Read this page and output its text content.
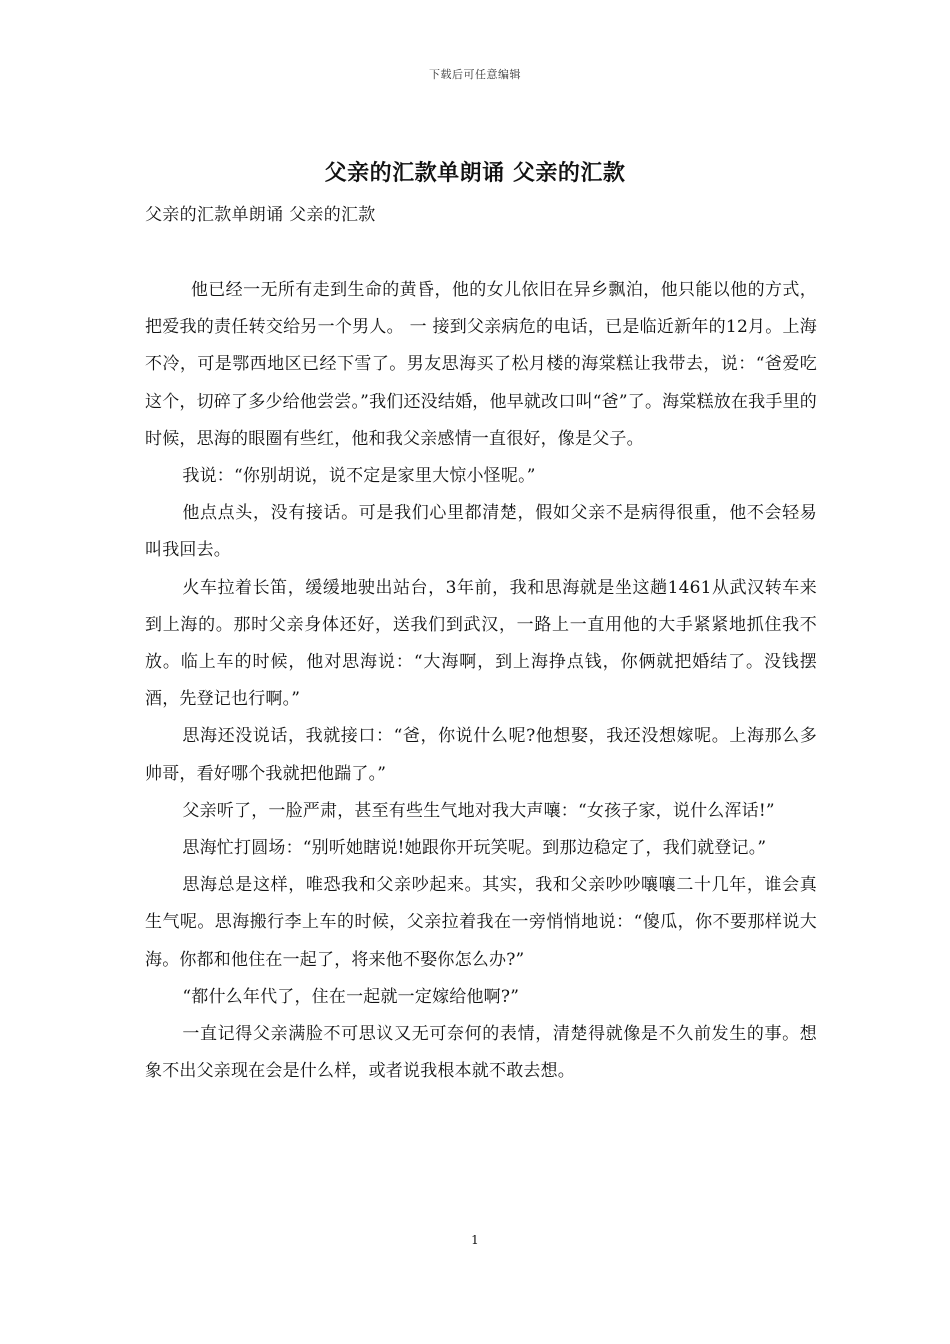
下载后可任意编辑
父亲的汇款单朗诵 父亲的汇款

父亲的汇款单朗诵 父亲的汇款

他已经一无所有走到生命的黄昏，他的女儿依旧在异乡飘泊，他只能以他的方式，把爱我的责任转交给另一个男人。 一 接到父亲病危的电话，已是临近新年的12月。上海不冷，可是鄂西地区已经下雪了。男友思海买了松月楼的海棠糕让我带去，说：“爸爱吃这个，切碎了多少给他尝尝。”我们还没结婚，他早就改口叫“爸”了。海棠糕放在我手里的时候，思海的眼圈有些红，他和我父亲感情一直很好，像是父子。

我说：“你别胡说，说不定是家里大惊小怪呢。”

他点点头，没有接话。可是我们心里都清楚，假如父亲不是病得很重，他不会轻易叫我回去。

火车拉着长笛，缓缓地驶出站台，3年前，我和思海就是坐这趟1461从武汉转车来到上海的。那时父亲身体还好，送我们到武汉，一路上一直用他的大手紧紧地抓住我不放。临上车的时候，他对思海说：“大海啊，到上海挣点钱，你俩就把婚结了。没钱摆酒，先登记也行啊。”

思海还没说话，我就接口：“爸，你说什么呢?他想娶，我还没想嫁呢。上海那么多帅哥，看好哪个我就把他踹了。”

父亲听了，一脸严肃，甚至有些生气地对我大声嚷：“女孩子家，说什么浑话!”

思海忙打圆场：“别听她瞎说!她跟你开玩笑呢。到那边稳定了，我们就登记。”

思海总是这样，唯恐我和父亲吵起来。其实，我和父亲吵吵嚷嚷二十几年，谁会真生气呢。思海搬行李上车的时候，父亲拉着我在一旁悄悄地说：“傻瓜，你不要那样说大海。你都和他住在一起了，将来他不娶你怎么办?”

“都什么年代了，住在一起就一定嫁给他啊?”

一直记得父亲满脸不可思议又无可奈何的表情，清楚得就像是不久前发生的事。想象不出父亲现在会是什么样，或者说我根本就不敢去想。

1
